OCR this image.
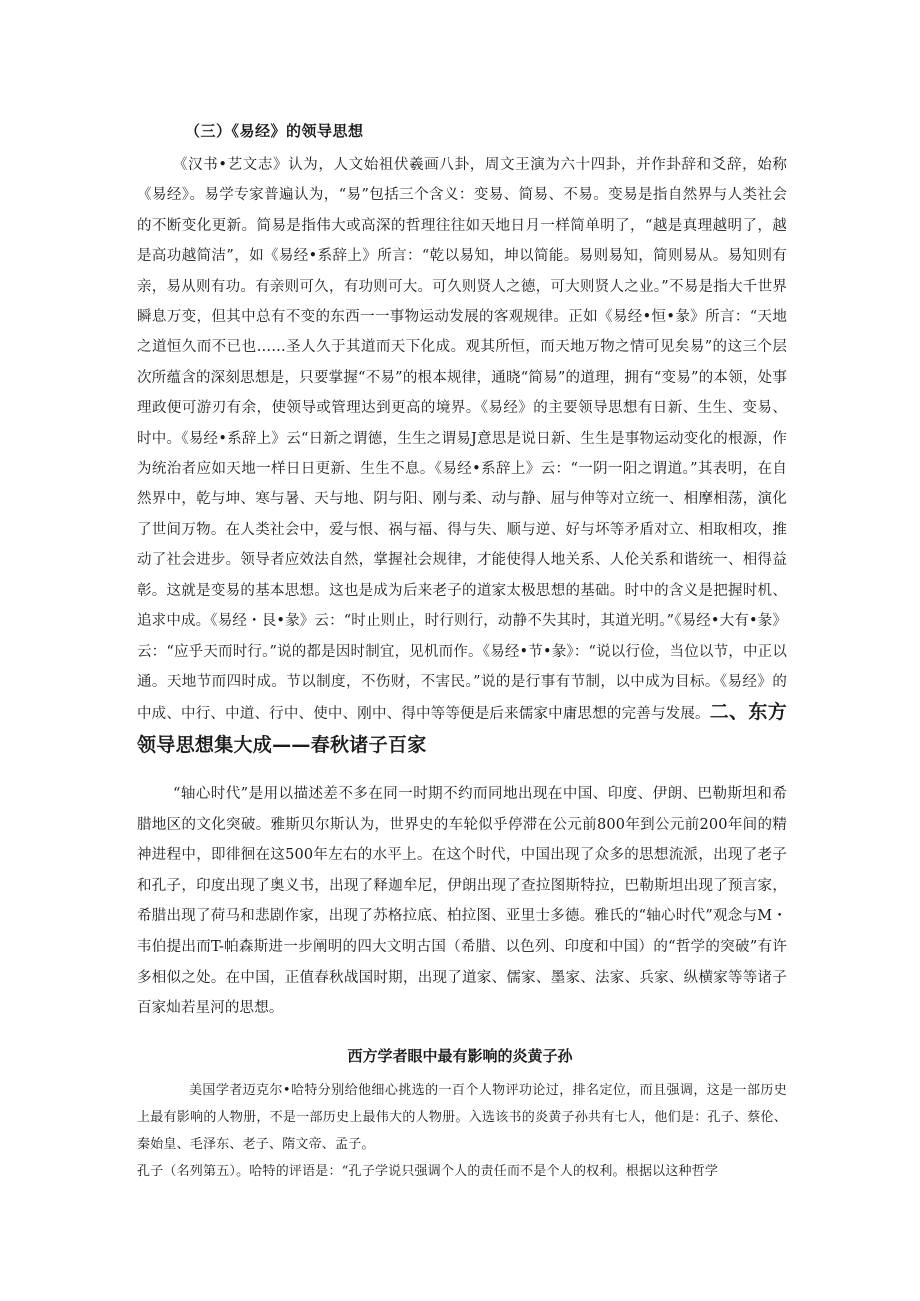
（三）《易经》的领导思想
《汉书•艺文志》认为，人文始祖伏羲画八卦，周文王演为六十四卦，并作卦辞和爻辞，始称《易经》。易学专家普遍认为，“易”包括三个含义：变易、简易、不易。变易是指自然界与人类社会的不断变化更新。简易是指伟大或高深的哲理往往如天地日月一样简单明了，“越是真理越明了，越是高功越简洁”，如《易经•系辞上》所言：“乾以易知，坤以简能。易则易知，简则易从。易知则有亲，易从则有功。有亲则可久，有功则可大。可久则贤人之德，可大则贤人之业。”不易是指大千世界瞬息万变，但其中总有不变的东西一一事物运动发展的客观规律。正如《易经•恒•彖》所言：“天地之道恒久而不已也……圣人久于其道而天下化成。观其所恒，而天地万物之情可见矣易”的这三个层次所蕴含的深刻思想是，只要掌握“不易”的根本规律，通晓“简易”的道理，拥有“变易”的本领，处事理政便可游刃有余，使领导或管理达到更高的境界。《易经》的主要领导思想有日新、生生、变易、时中。《易经•系辞上》云“日新之谓德，生生之谓易J意思是说日新、生生是事物运动变化的根源，作为统治者应如天地一样日日更新、生生不息。《易经•系辞上》云：“一阴一阳之谓道。”其表明，在自然界中，乾与坤、寒与暑、天与地、阴与阳、刚与柔、动与静、屈与伸等对立统一、相摩相荡，演化了世间万物。在人类社会中，爱与恨、祸与福、得与失、顺与逆、好与坏等矛盾对立、相取相攻，推动了社会进步。领导者应效法自然，掌握社会规律，才能使得人地关系、人伦关系和谐统一、相得益彰。这就是变易的基本思想。这也是成为后来老子的道家太极思想的基础。时中的含义是把握时机、追求中成。《易经・艮•彖》云：“时止则止，时行则行，动静不失其时，其道光明。”《易经•大有•彖》云：“应乎天而时行。”说的都是因时制宜，见机而作。《易经•节•彖》：“说以行俭，当位以节，中正以通。天地节而四时成。节以制度，不伤财，不害民。”说的是行事有节制，以中成为目标。《易经》的中成、中行、中道、行中、使中、刚中、得中等等便是后来儒家中庸思想的完善与发展。二、东方领导思想集大成——春秋诸子百家
“轴心时代”是用以描述差不多在同一时期不约而同地出现在中国、印度、伊朗、巴勒斯坦和希腊地区的文化突破。雅斯贝尔斯认为，世界史的车轮似乎停滞在公元前800年到公元前200年间的精神进程中，即徘徊在这500年左右的水平上。在这个时代，中国出现了众多的思想流派，出现了老子和孔子，印度出现了奥义书，出现了释迦牟尼，伊朗出现了查拉图斯特拉，巴勒斯坦出现了预言家，希腊出现了荷马和悲剧作家，出现了苏格拉底、柏拉图、亚里士多德。雅氏的“轴心时代”观念与M・韦伯提出而T-帕森斯进一步阐明的四大文明古国（希腊、以色列、印度和中国）的“哲学的突破”有许多相似之处。在中国，正值春秋战国时期，出现了道家、儒家、墨家、法家、兵家、纵横家等等诸子百家灿若星河的思想。
西方学者眼中最有影响的炎黄子孙
美国学者迈克尔•哈特分别给他细心挑选的一百个人物评功论过，排名定位，而且强调，这是一部历史上最有影响的人物册，不是一部历史上最伟大的人物册。入选该书的炎黄子孙共有七人，他们是：孔子、蔡伦、秦始皇、毛泽东、老子、隋文帝、孟子。
孔子（名列第五）。哈特的评语是：“孔子学说只强调个人的责任而不是个人的权利。根据以这种哲学
